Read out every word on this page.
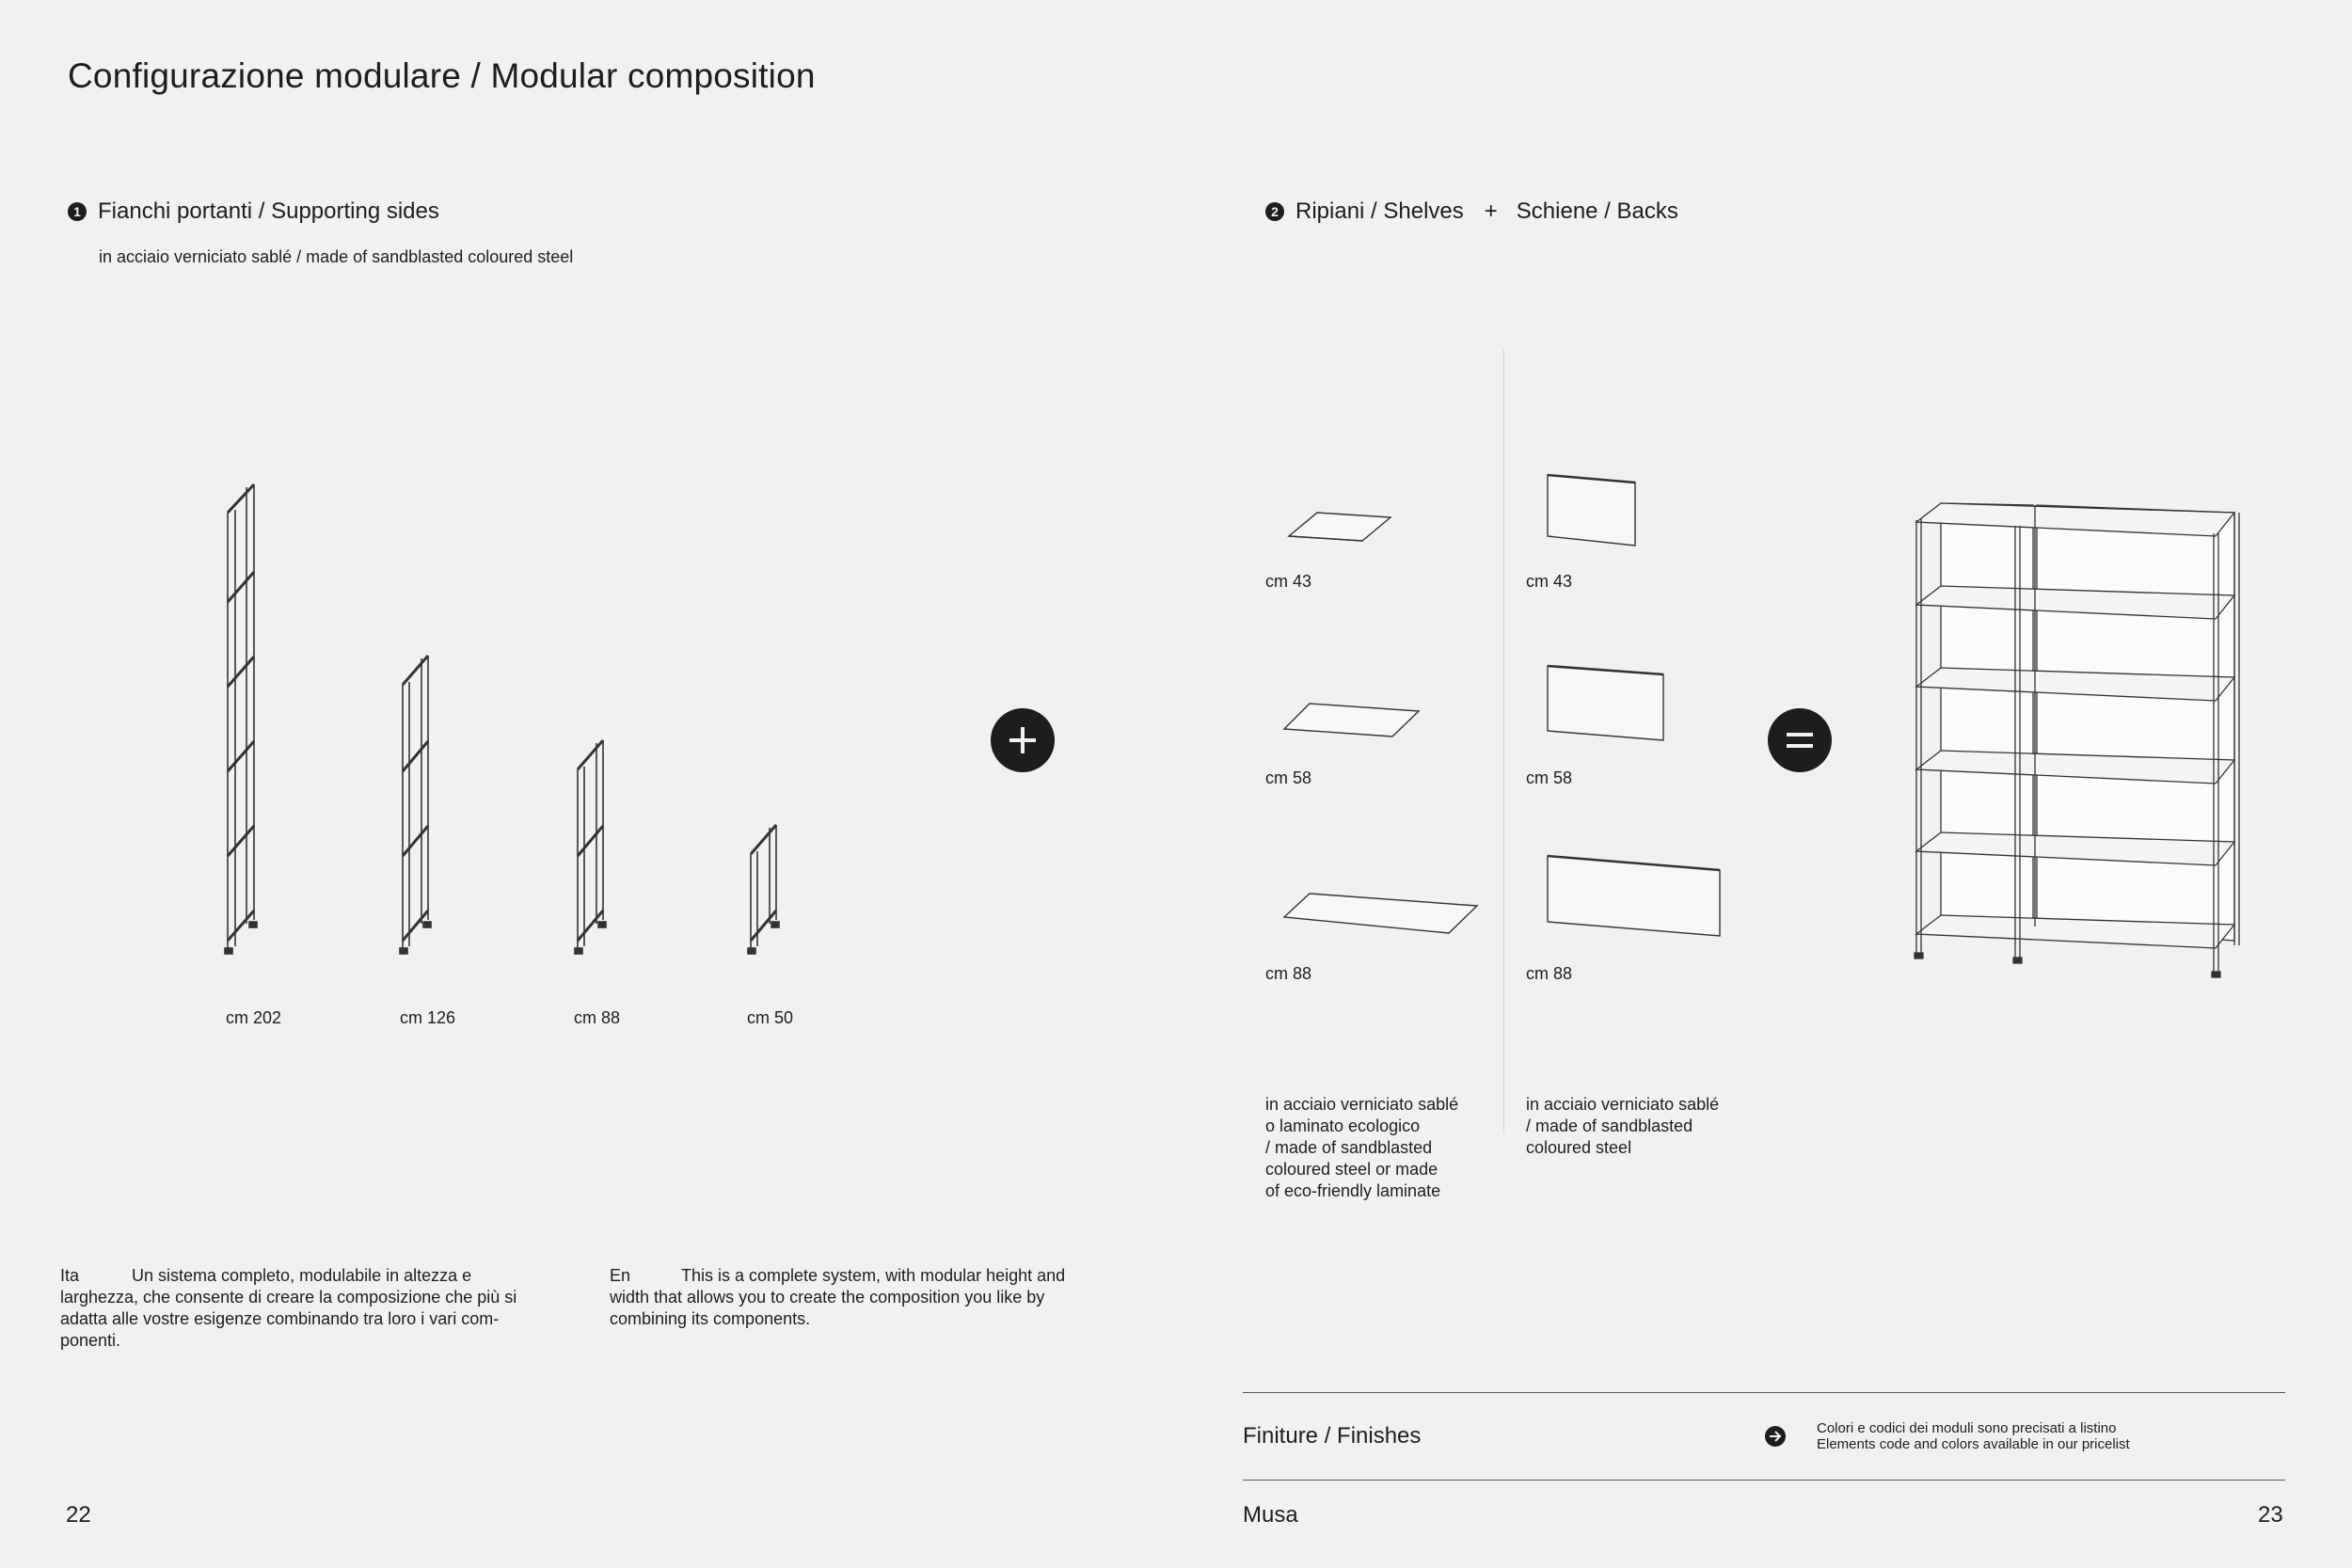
Configurazione modulare / Modular composition
1 Fianchi portanti / Supporting sides
in acciaio verniciato sablé / made of sandblasted coloured steel
cm 202	cm 126	cm 88	cm 50
2 Ripiani / Shelves + Schiene / Backs
cm 43
cm 58
cm 88
cm 43
cm 58
cm 88
in acciaio verniciato sablé
o laminato ecologico
/ made of sandblasted
coloured steel or made
of eco-friendly laminate
in acciaio verniciato sablé
/ made of sandblasted
coloured steel
Ita	Un sistema completo, modulabile in altezza e
larghezza, che consente di creare la composizione che più si
adatta alle vostre esigenze combinando tra loro i vari com-
ponenti.
En	This is a complete system, with modular height and
width that allows you to create the composition you like by
combining its components.
Finiture / Finishes	Colori e codici dei moduli sono precisati a listino
Elements code and colors available in our pricelist
22	Musa	23
